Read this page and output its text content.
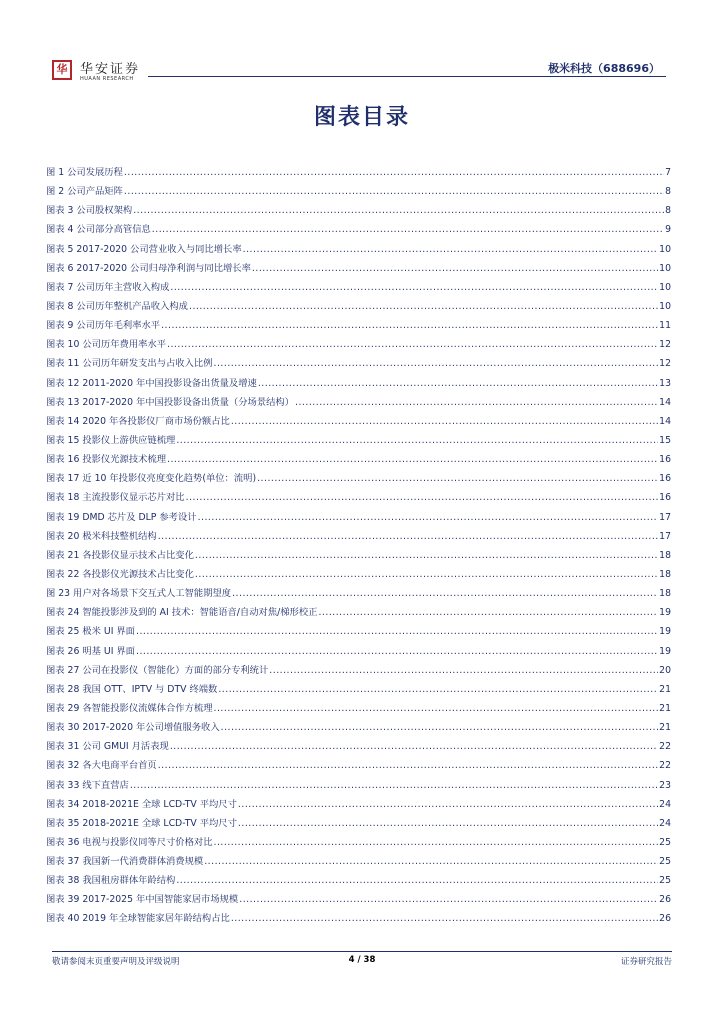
华 华安证券
HUAAN RESEARCH
极米科技（688696）
图表目录
图 1 公司发展历程 .....	7
图 2 公司产品矩阵 .....	8
图表 3 公司股权架构 .....	8
图表 4 公司部分高管信息 .....	9
图表 5 2017-2020 公司营业收入与同比增长率 .....	10
图表 6 2017-2020 公司归母净利润与同比增长率 .....	10
图表 7 公司历年主营收入构成 .....	10
图表 8 公司历年整机产品收入构成 .....	10
图表 9 公司历年毛利率水平 .....	11
图表 10 公司历年费用率水平 .....	12
图表 11 公司历年研发支出与占收入比例 .....	12
图表 12 2011-2020 年中国投影设备出货量及增速 .....	13
图表 13 2017-2020 年中国投影设备出货量（分场景结构） .....	14
图表 14 2020 年各投影仪厂商市场份额占比 .....	14
图表 15 投影仪上游供应链梳理 .....	15
图表 16 投影仪光源技术梳理 .....	16
图表 17 近 10 年投影仪亮度变化趋势(单位：流明) .....	16
图表 18 主流投影仪显示芯片对比 .....	16
图表 19 DMD 芯片及 DLP 参考设计 .....	17
图表 20 极米科技整机结构 .....	17
图表 21 各投影仪显示技术占比变化 .....	18
图表 22 各投影仪光源技术占比变化 .....	18
图 23 用户对各场景下交互式人工智能期望度 .....	18
图表 24 智能投影涉及到的 AI 技术：智能语音/自动对焦/梯形校正 .....	19
图表 25 极米 UI 界面 .....	19
图表 26 明基 UI 界面 .....	19
图表 27 公司在投影仪（智能化）方面的部分专利统计 .....	20
图表 28 我国 OTT、IPTV 与 DTV 终端数 .....	21
图表 29 各智能投影仪流媒体合作方梳理 .....	21
图表 30 2017-2020 年公司增值服务收入 .....	21
图表 31 公司 GMUI 月活表现 .....	22
图表 32 各大电商平台首页 .....	22
图表 33 线下直营店 .....	23
图表 34 2018-2021E 全球 LCD-TV 平均尺寸 .....	24
图表 35 2018-2021E 全球 LCD-TV 平均尺寸 .....	24
图表 36 电视与投影仪同等尺寸价格对比 .....	25
图表 37 我国新一代消费群体消费规模 .....	25
图表 38 我国租房群体年龄结构 .....	25
图表 39 2017-2025 年中国智能家居市场规模 .....	26
图表 40 2019 年全球智能家居年龄结构占比 .....	26
敬请参阅末页重要声明及评级说明	4 / 38	证券研究报告
